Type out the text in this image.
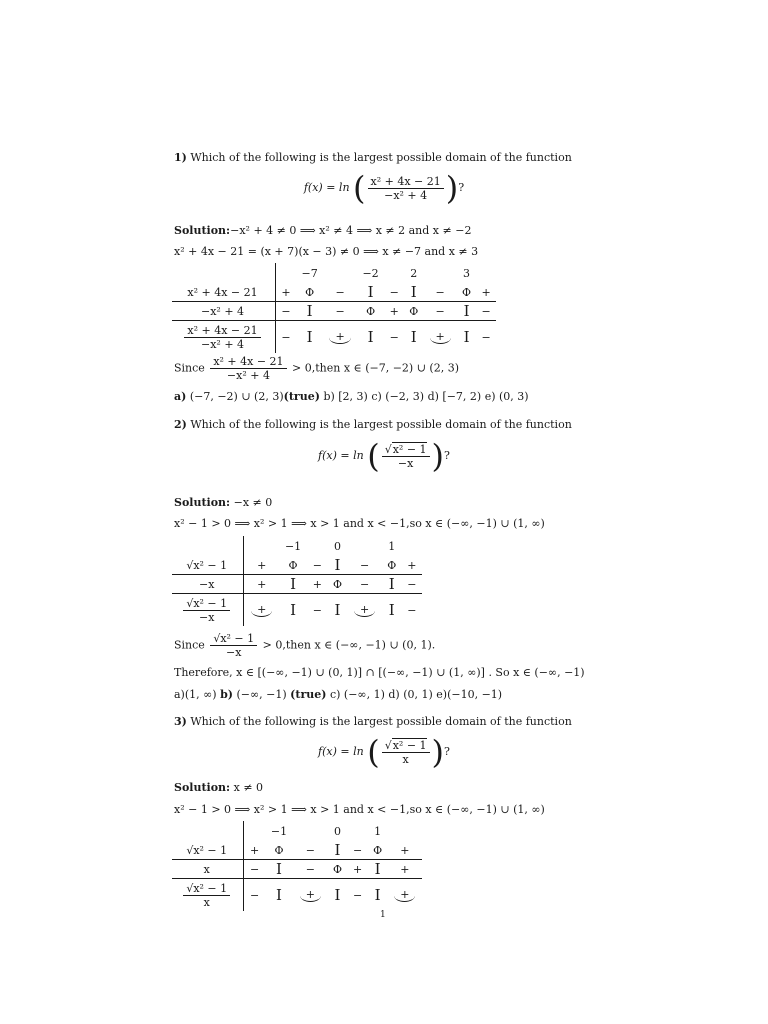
1) Which of the following is the largest possible domain of the function
f(x) = ln ( $\frac{\text{x² + 4x − 21}}{\text{−x² + 4}}$ )?
Solution:−x² + 4 ≠ 0 ⟹ x² ≠ 4 ⟹ x ≠ 2 and x ≠ −2
x² + 4x − 21 = (x + 7)(x − 3) ≠ 0 ⟹ x ≠ −7 and x ≠ 3
		−7		−2		2		3	
x² + 4x − 21	+	Φ	−	I	−	I	−	Φ	+
−x² + 4	−	I	−	Φ	+	Φ	−	I	−

$\frac{\text{x² + 4x − 21}}{\text{−x² + 4}}$	−	I	+	I	−	I	+	I	−
Since $\frac{\text{x² + 4x − 21}}{\text{−x² + 4}}$ > 0,then x ∈ (−7, −2) ∪ (2, 3)
a) (−7, −2) ∪ (2, 3)(true) b) [2, 3) c) (−2, 3) d) [−7, 2) e) (0, 3)
2) Which of the following is the largest possible domain of the function
f(x) = ln ( $\frac{\text{√x² − 1}}{-x}$ )?
Solution: −x ≠ 0
x² − 1 > 0 ⟹ x² > 1 ⟹ x > 1 and x < −1,so x ∈ (−∞, −1) ∪ (1, ∞)
		−1		0		1	
√x² − 1	+	Φ	−	I	−	Φ	+
−x	+	I	+	Φ	−	I	−

$\frac{\text{√x² − 1}}{-x}$	+	I	−	I	+	I	−
Since $\frac{\text{√x² − 1}}{-x}$ > 0,then x ∈ (−∞, −1) ∪ (0, 1).
Therefore, x ∈ [(−∞, −1) ∪ (0, 1)] ∩ [(−∞, −1) ∪ (1, ∞)] . So x ∈ (−∞, −1)
a)(1, ∞) b) (−∞, −1) (true) c) (−∞, 1) d) (0, 1) e)(−10, −1)
3) Which of the following is the largest possible domain of the function
f(x) = ln ( $\frac{\text{√x² − 1}}{x}$ )?
Solution: x ≠ 0
x² − 1 > 0 ⟹ x² > 1 ⟹ x > 1 and x < −1,so x ∈ (−∞, −1) ∪ (1, ∞)
		−1		0		1	
√x² − 1	+	Φ	−	I	−	Φ	+
x	−	I	−	Φ	+	I	+

$\frac{\text{√x² − 1}}{x}$	−	I	+	I	−	I	+
1
